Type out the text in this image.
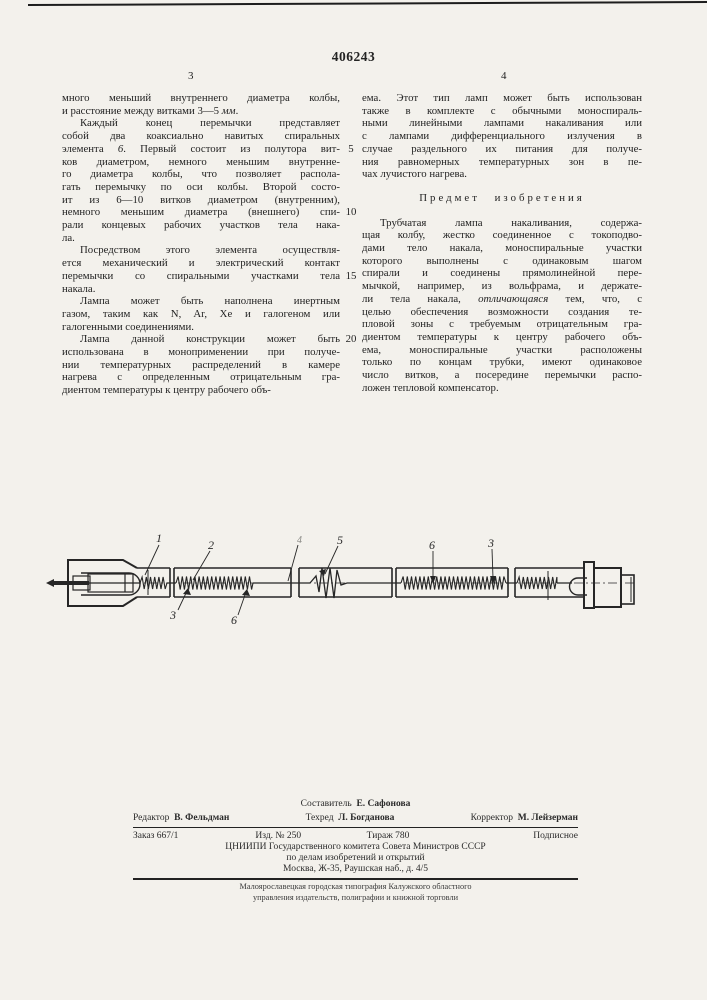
406243
3	4
много меньший внутреннего диаметра колбы,
и расстояние между витками 3—5 мм.
Каждый конец перемычки представляет
собой два коаксиально навитых спиральных
элемента 6. Первый состоит из полутора вит-
ков диаметром, немного меньшим внутренне-
го диаметра колбы, что позволяет распола-
гать перемычку по оси колбы. Второй состо-
ит из 6—10 витков диаметром (внутренним),
немного меньшим диаметра (внешнего) спи-
рали концевых рабочих участков тела нака-
ла.
Посредством этого элемента осуществля-
ется механический и электрический контакт
перемычки со спиральными участками тела
накала.
Лампа может быть наполнена инертным
газом, таким как N, Ar, Xe и галогеном или
галогенными соединениями.
Лампа данной конструкции может быть
использована в моноприменении при получе-
нии температурных распределений в камере
нагрева с определенным отрицательным гра-
диентом температуры к центру рабочего объ-
ема. Этот тип ламп может быть использован
также в комплекте с обычными моноспираль-
ными линейными лампами накаливания или
с лампами дифференциального излучения в
случае раздельного их питания для получе-
ния равномерных температурных зон в пе-
чах лучистого нагрева.
Предмет изобретения
Трубчатая лампа накаливания, содержа-
щая колбу, жестко соединенное с токоподво-
дами тело накала, моноспиральные участки
которого выполнены с одинаковым шагом
спирали и соединены прямолинейной пере-
мычкой, например, из вольфрама, и держате-
ли тела накала, отличающаяся тем, что, с
целью обеспечения возможности создания те-
пловой зоны с требуемым отрицательным гра-
диентом температуры к центру рабочего объ-
ема, моноспиральные участки расположены
только по концам трубки, имеют одинаковое
число витков, а посередине перемычки распо-
ложен тепловой компенсатор.
5
10
15
20
1	2	4	5	6	3
3	6
Составитель Е. Сафонова
Редактор В. Фельдман	Техред Л. Богданова	Корректор М. Лейзерман
Заказ 667/1	Изд. № 250	Тираж 780	Подписное
ЦНИИПИ Государственного комитета Совета Министров СССР
по делам изобретений и открытий
Москва, Ж-35, Раушская наб., д. 4/5
Малоярославецкая городская типография Калужского областного
управления издательств, полиграфии и книжной торговли
